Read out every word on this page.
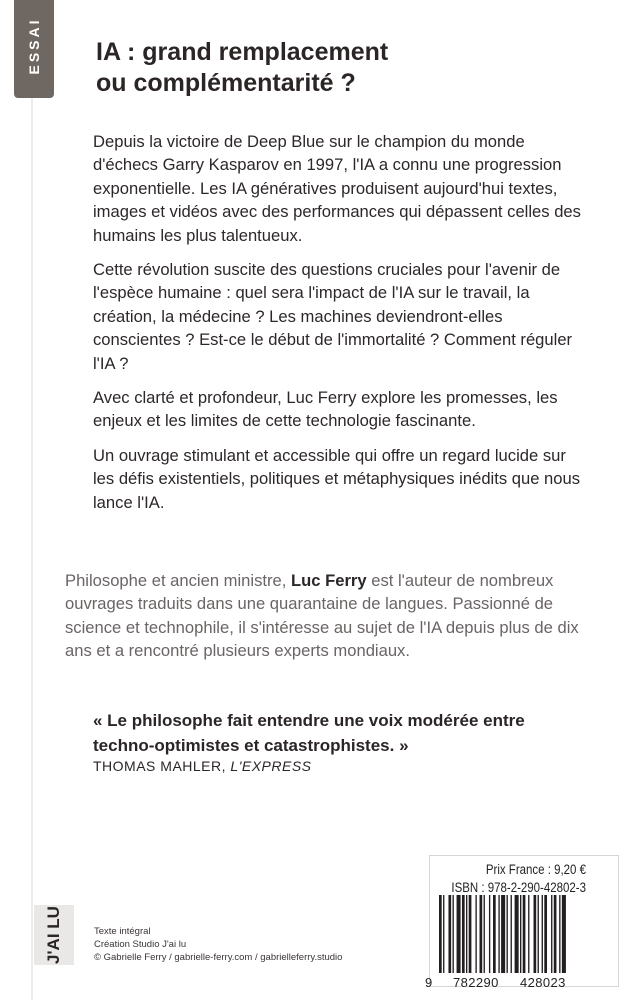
ESSAI IA : grand remplacement
ou complémentarité ?

Depuis la victoire de Deep Blue sur le champion du monde d'échecs Garry Kasparov en 1997, l'IA a connu une progression exponentielle. Les IA génératives produisent aujourd'hui textes, images et vidéos avec des performances qui dépassent celles des humains les plus talentueux.

Cette révolution suscite des questions cruciales pour l'avenir de l'espèce humaine : quel sera l'impact de l'IA sur le travail, la création, la médecine ? Les machines deviendront-elles conscientes ? Est-ce le début de l'immortalité ? Comment réguler l'IA ?

Avec clarté et profondeur, Luc Ferry explore les promesses, les enjeux et les limites de cette technologie fascinante.

Un ouvrage stimulant et accessible qui offre un regard lucide sur les défis existentiels, politiques et métaphysiques inédits que nous lance l'IA.

Philosophe et ancien ministre, Luc Ferry est l'auteur de nombreux ouvrages traduits dans une quarantaine de langues. Passionné de science et technophile, il s'intéresse au sujet de l'IA depuis plus de dix ans et a rencontré plusieurs experts mondiaux.

« Le philosophe fait entendre une voix modérée entre
techno-optimistes et catastrophistes. »

THOMAS MAHLER, L'EXPRESS

J'AI LU	Texte intégral
Création Studio J'ai lu
© Gabrielle Ferry / gabrielle-ferry.com / gabrielleferry.studio
Prix France : 9,20 €
ISBN : 978-2-290-42802-3
9 782290 428023
